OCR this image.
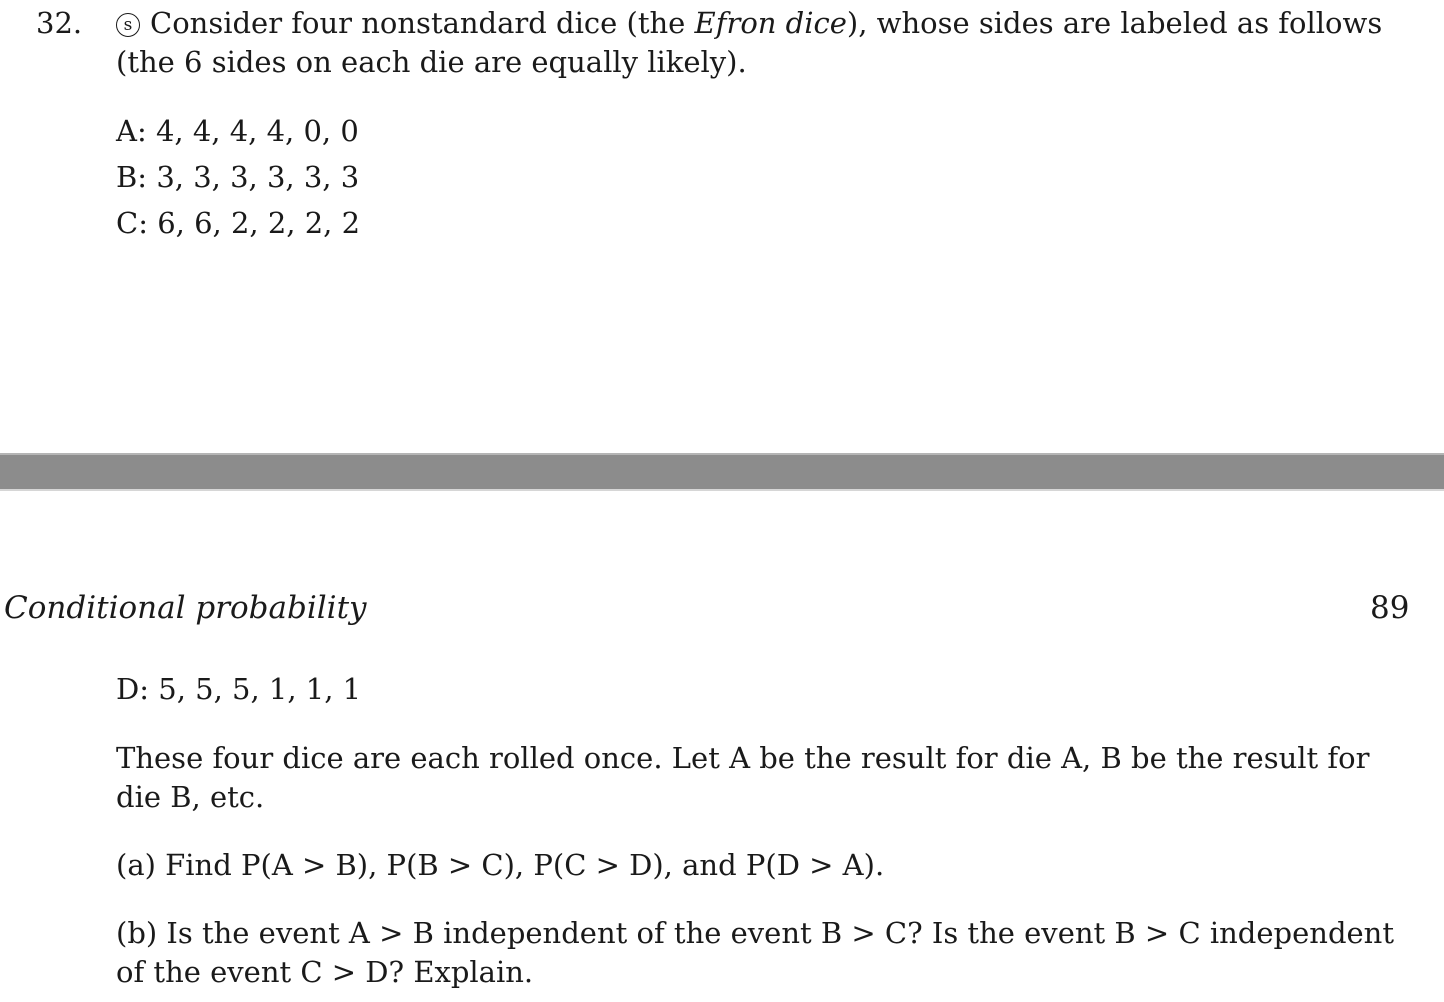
32.	s Consider four nonstandard dice (the Efron dice), whose sides are labeled as follows
(the 6 sides on each die are equally likely).
A: 4, 4, 4, 4, 0, 0
B: 3, 3, 3, 3, 3, 3
C: 6, 6, 2, 2, 2, 2
Conditional probability	89
D: 5, 5, 5, 1, 1, 1
These four dice are each rolled once. Let A be the result for die A, B be the result for
die B, etc.
(a) Find P(A > B), P(B > C), P(C > D), and P(D > A).
(b) Is the event A > B independent of the event B > C? Is the event B > C independent
of the event C > D? Explain.
